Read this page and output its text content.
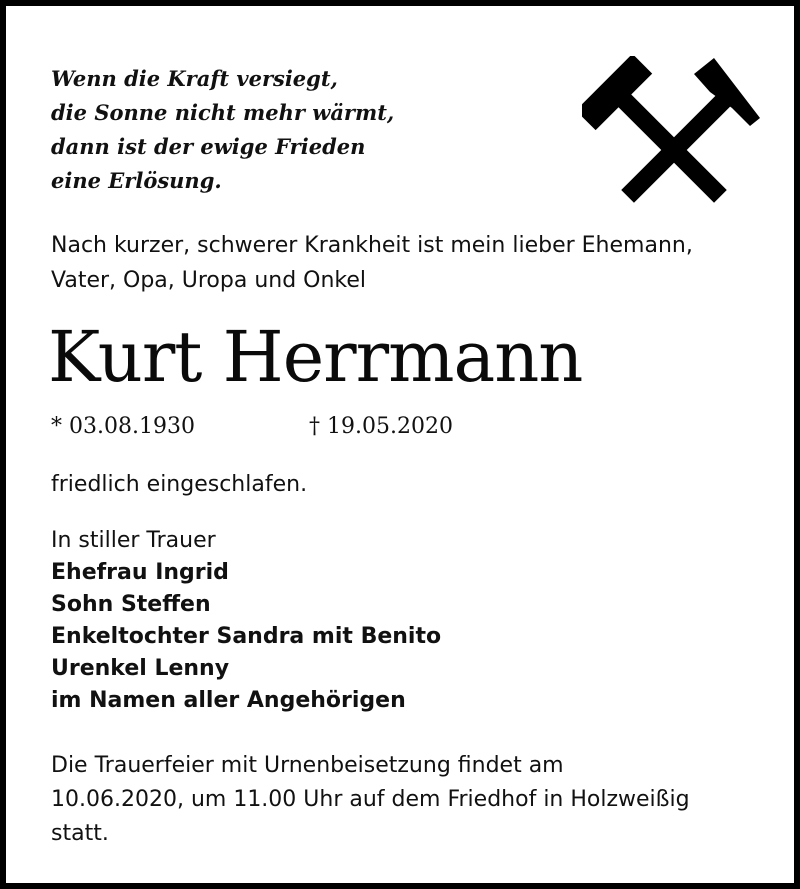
Wenn die Kraft versiegt,
die Sonne nicht mehr wärmt,
dann ist der ewige Frieden
eine Erlösung.
Nach kurzer, schwerer Krankheit ist mein lieber Ehemann,
Vater, Opa, Uropa und Onkel
Kurt Herrmann
* 03.08.1930	† 19.05.2020
friedlich eingeschlafen.
In stiller Trauer
Ehefrau Ingrid
Sohn Steffen
Enkeltochter Sandra mit Benito
Urenkel Lenny
im Namen aller Angehörigen
Die Trauerfeier mit Urnenbeisetzung findet am
10.06.2020, um 11.00 Uhr auf dem Friedhof in Holzweißig
statt.
